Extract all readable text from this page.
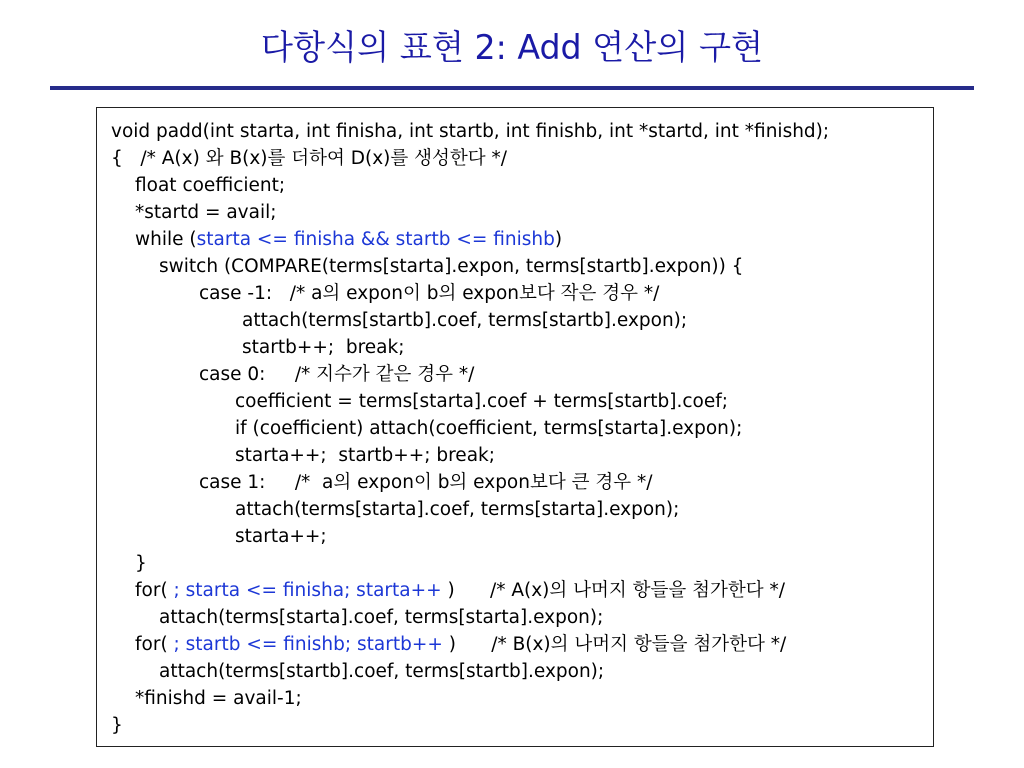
다항식의 표현 2: Add 연산의 구현
void padd(int starta, int finisha, int startb, int finishb, int *startd, int *finishd);
{   /* A(x) 와 B(x)를 더하여 D(x)를 생성한다 */
float coefficient;
*startd = avail;
while (starta <= finisha && startb <= finishb)
switch (COMPARE(terms[starta].expon, terms[startb].expon)) {
case -1:   /* a의 expon이 b의 expon보다 작은 경우 */
attach(terms[startb].coef, terms[startb].expon);
startb++;  break;
case 0:     /* 지수가 같은 경우 */
coefficient = terms[starta].coef + terms[startb].coef;
if (coefficient) attach(coefficient, terms[starta].expon);
starta++;  startb++; break;
case 1:     /*  a의 expon이 b의 expon보다 큰 경우 */
attach(terms[starta].coef, terms[starta].expon);
starta++;
}
for( ; starta <= finisha; starta++ )      /* A(x)의 나머지 항들을 첨가한다 */
attach(terms[starta].coef, terms[starta].expon);
for( ; startb <= finishb; startb++ )      /* B(x)의 나머지 항들을 첨가한다 */
attach(terms[startb].coef, terms[startb].expon);
*finishd = avail-1;
}
